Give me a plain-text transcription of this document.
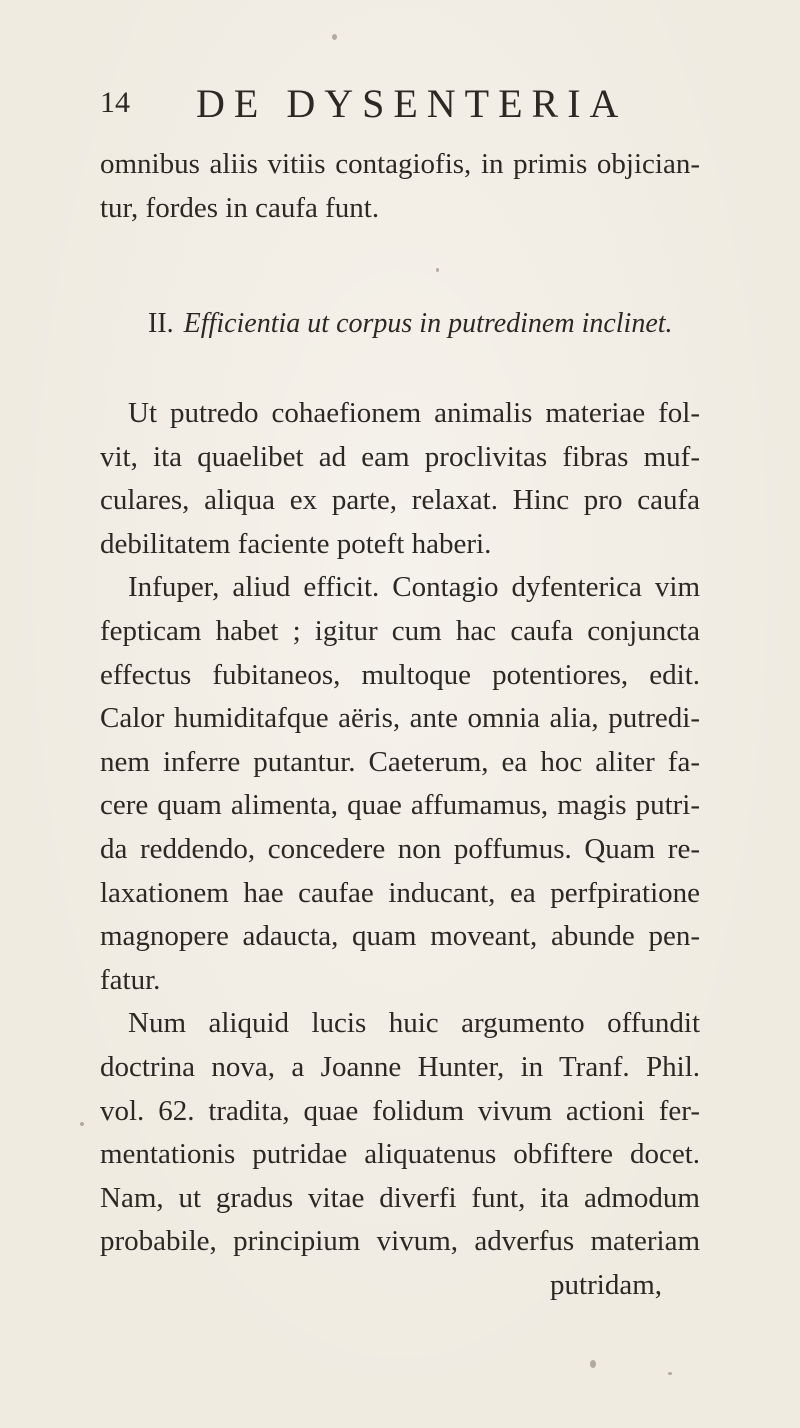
14 DE DYSENTERIA
omnibus aliis vitiis contagiofis, in primis objician-
tur, fordes in caufa funt.
II. Efficientia ut corpus in putredinem inclinet.
Ut putredo cohaefionem animalis materiae fol-
vit, ita quaelibet ad eam proclivitas fibras muf-
culares, aliqua ex parte, relaxat. Hinc pro caufa
debilitatem faciente poteft haberi.
Infuper, aliud efficit. Contagio dyfenterica vim
fepticam habet ; igitur cum hac caufa conjuncta
effectus fubitaneos, multoque potentiores, edit.
Calor humiditafque aëris, ante omnia alia, putredi-
nem inferre putantur. Caeterum, ea hoc aliter fa-
cere quam alimenta, quae affumamus, magis putri-
da reddendo, concedere non poffumus. Quam re-
laxationem hae caufae inducant, ea perfpiratione
magnopere adaucta, quam moveant, abunde pen-
fatur.
Num aliquid lucis huic argumento offundit
doctrina nova, a Joanne Hunter, in Tranf. Phil.
vol. 62. tradita, quae folidum vivum actioni fer-
mentationis putridae aliquatenus obfiftere docet.
Nam, ut gradus vitae diverfi funt, ita admodum
probabile, principium vivum, adverfus materiam
putridam,
